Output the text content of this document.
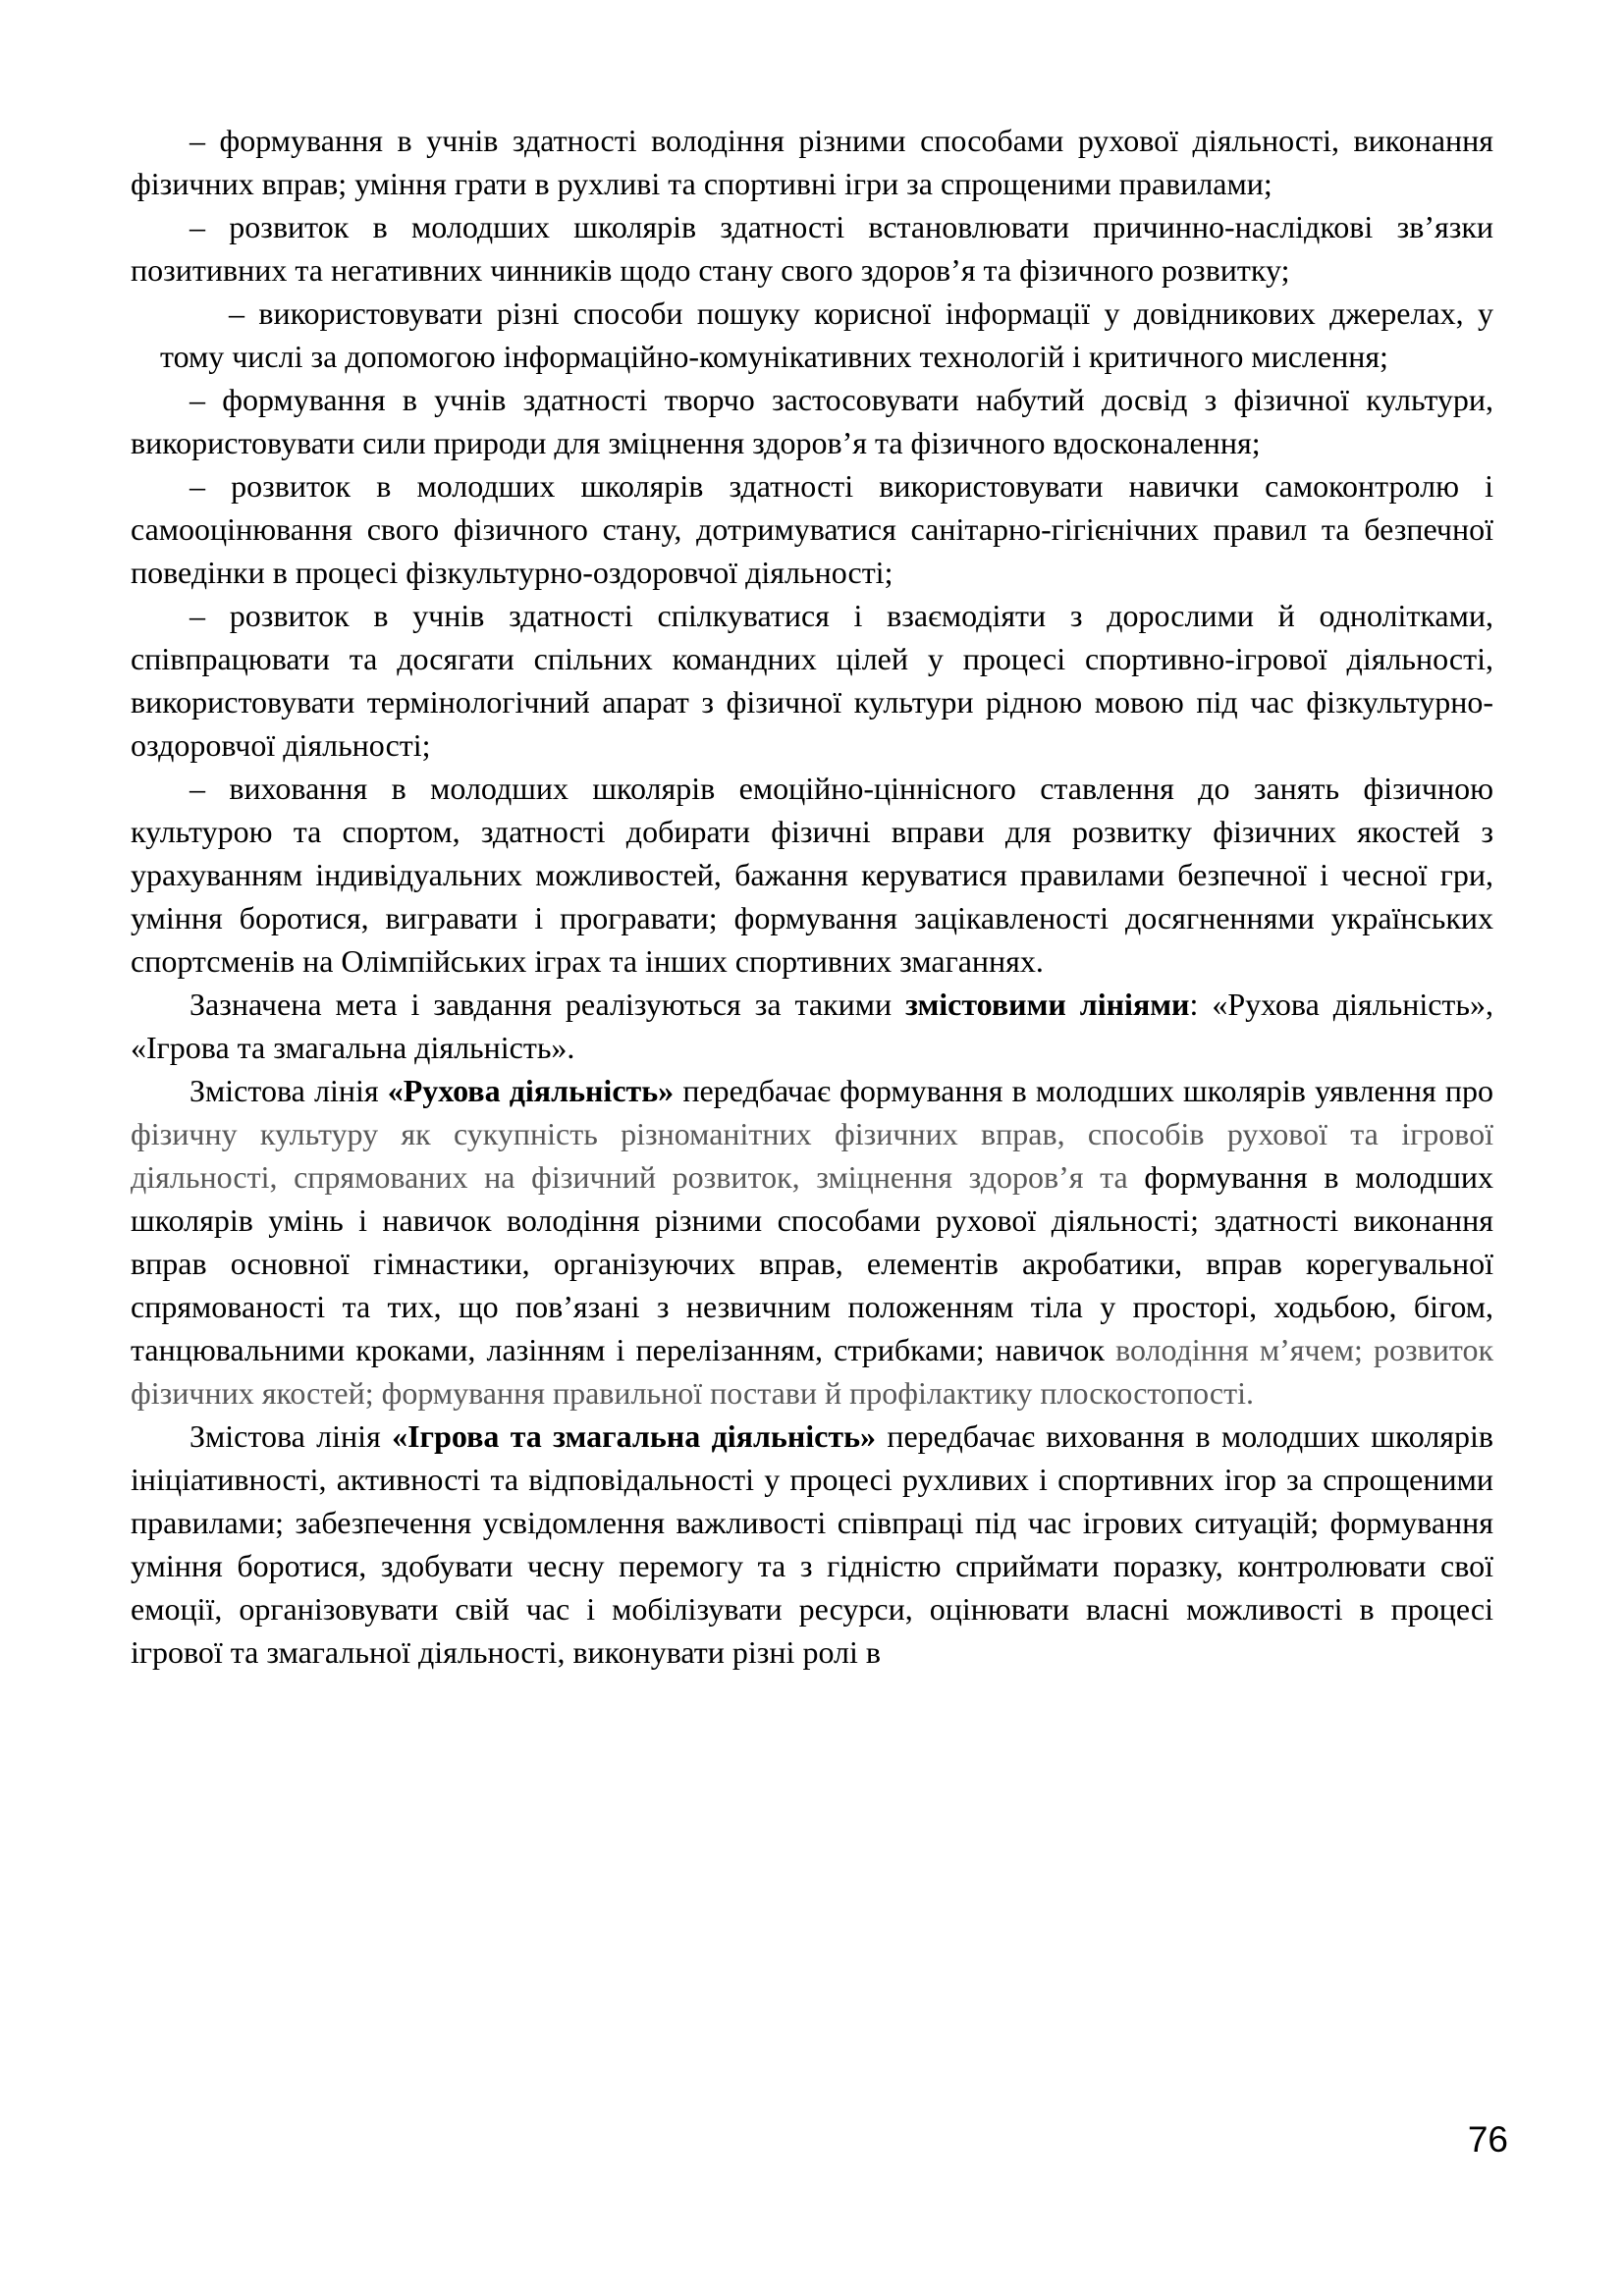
– формування в учнів здатності володіння різними способами рухової діяльності, виконання фізичних вправ; уміння грати в рухливі та спортивні ігри за спрощеними правилами;

– розвиток в молодших школярів здатності встановлювати причинно-наслідкові зв’язки позитивних та негативних чинників щодо стану свого здоров’я та фізичного розвитку;

– використовувати різні способи пошуку корисної інформації у довідникових джерелах, у тому числі за допомогою інформаційно-комунікативних технологій і критичного мислення;

– формування в учнів здатності творчо застосовувати набутий досвід з фізичної культури, використовувати сили природи для зміцнення здоров’я та фізичного вдосконалення;

– розвиток в молодших школярів здатності використовувати навички самоконтролю і самооцінювання свого фізичного стану, дотримуватися санітарно-гігієнічних правил та безпечної поведінки в процесі фізкультурно-оздоровчої діяльності;

– розвиток в учнів здатності спілкуватися і взаємодіяти з дорослими й однолітками, співпрацювати та досягати спільних командних цілей у процесі спортивно-ігрової діяльності, використовувати термінологічний апарат з фізичної культури рідною мовою під час фізкультурно-оздоровчої діяльності;

– виховання в молодших школярів емоційно-ціннісного ставлення до занять фізичною культурою та спортом, здатності добирати фізичні вправи для розвитку фізичних якостей з урахуванням індивідуальних можливостей, бажання керуватися правилами безпечної і чесної гри, уміння боротися, вигравати і програвати; формування зацікавленості досягненнями українських спортсменів на Олімпійських іграх та інших спортивних змаганнях.

Зазначена мета і завдання реалізуються за такими змістовими лініями: «Рухова діяльність», «Ігрова та змагальна діяльність».

Змістова лінія «Рухова діяльність» передбачає формування в молодших школярів уявлення про фізичну культуру як сукупність різноманітних фізичних вправ, способів рухової та ігрової діяльності, спрямованих на фізичний розвиток, зміцнення здоров’я та формування в молодших школярів умінь і навичок володіння різними способами рухової діяльності; здатності виконання вправ основної гімнастики, організуючих вправ, елементів акробатики, вправ корегувальної спрямованості та тих, що пов’язані з незвичним положенням тіла у просторі, ходьбою, бігом, танцювальними кроками, лазінням і перелізанням, стрибками; навичок володіння м’ячем; розвиток фізичних якостей; формування правильної постави й профілактику плоскостопості.

Змістова лінія «Ігрова та змагальна діяльність» передбачає виховання в молодших школярів ініціативності, активності та відповідальності у процесі рухливих і спортивних ігор за спрощеними правилами; забезпечення усвідомлення важливості співпраці під час ігрових ситуацій; формування уміння боротися, здобувати чесну перемогу та з гідністю сприймати поразку, контролювати свої емоції, організовувати свій час і мобілізувати ресурси, оцінювати власні можливості в процесі ігрової та змагальної діяльності, виконувати різні ролі в

76
